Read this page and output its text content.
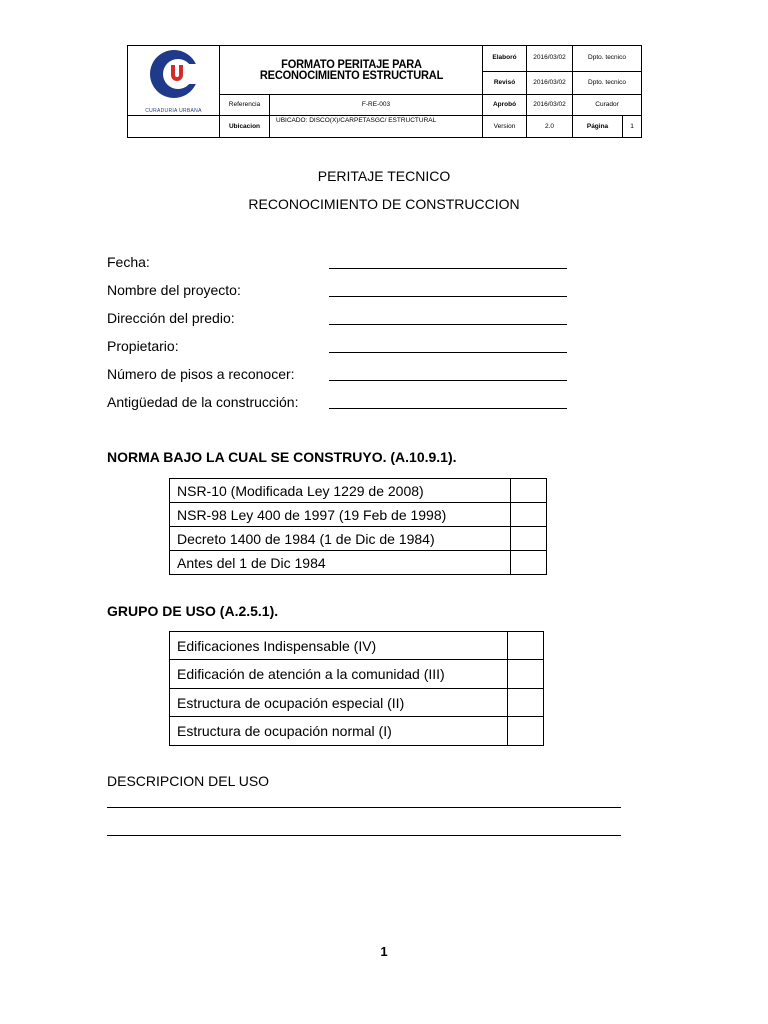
CURADURIA URBANA	FORMATO PERITAJE PARA RECONOCIMIENTO ESTRUCTURAL		Elaboró	2016/03/02	Dpto. tecnico	
			Revisó	2016/03/02	Dpto. tecnico	
	Referencia	F-RE-003	Aprobó	2016/03/02	Curador	
	Ubicacion	UBICADO: DISCO(X)/CARPETASGC/ ESTRUCTURAL	Version	2.0	Página	1
PERITAJE TECNICO
RECONOCIMIENTO DE CONSTRUCCION
Fecha:
Nombre del proyecto:
Dirección del predio:
Propietario:
Número de pisos a reconocer:
Antigüedad de la construcción:
NORMA BAJO LA CUAL SE CONSTRUYO. (A.10.9.1).
NSR-10 (Modificada Ley 1229 de 2008)	
NSR-98 Ley 400 de 1997 (19 Feb de 1998)	
Decreto 1400 de 1984 (1 de Dic de 1984)	
Antes del 1 de Dic 1984	
GRUPO DE USO (A.2.5.1).
Edificaciones Indispensable (IV)	
Edificación de atención a la comunidad (III)	
Estructura de ocupación especial (II)	
Estructura de ocupación normal (I)	
DESCRIPCION DEL USO
1
